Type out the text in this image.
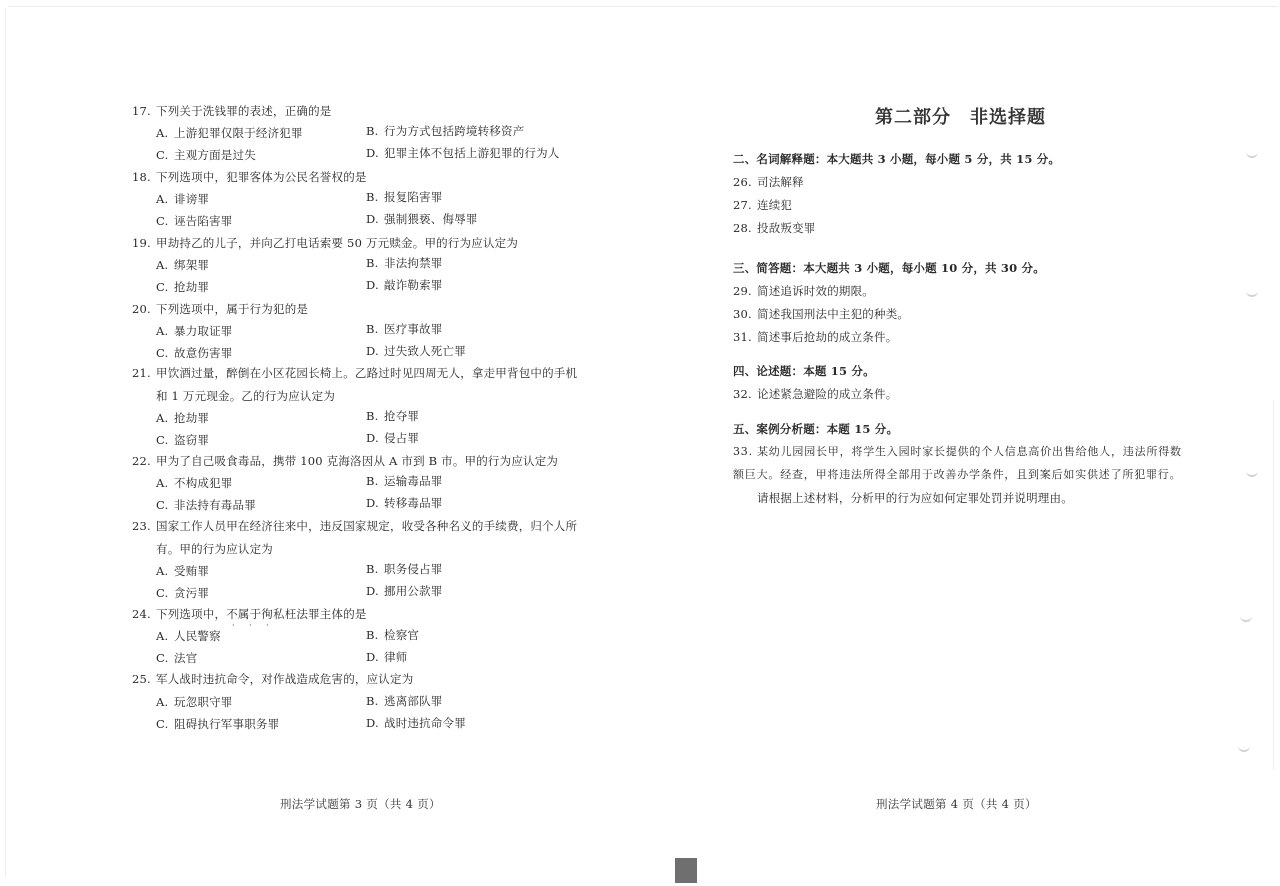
17. 下列关于洗钱罪的表述，正确的是
A. 上游犯罪仅限于经济犯罪	B. 行为方式包括跨境转移资产
C. 主观方面是过失	D. 犯罪主体不包括上游犯罪的行为人
18. 下列选项中，犯罪客体为公民名誉权的是
A. 诽谤罪	B. 报复陷害罪
C. 诬告陷害罪	D. 强制猥亵、侮辱罪
19. 甲劫持乙的儿子，并向乙打电话索要 50 万元赎金。甲的行为应认定为
A. 绑架罪	B. 非法拘禁罪
C. 抢劫罪	D. 敲诈勒索罪
20. 下列选项中，属于行为犯的是
A. 暴力取证罪	B. 医疗事故罪
C. 故意伤害罪	D. 过失致人死亡罪
21. 甲饮酒过量，醉倒在小区花园长椅上。乙路过时见四周无人，拿走甲背包中的手机
和 1 万元现金。乙的行为应认定为
A. 抢劫罪	B. 抢夺罪
C. 盗窃罪	D. 侵占罪
22. 甲为了自己吸食毒品，携带 100 克海洛因从 A 市到 B 市。甲的行为应认定为
A. 不构成犯罪	B. 运输毒品罪
C. 非法持有毒品罪	D. 转移毒品罪
23. 国家工作人员甲在经济往来中，违反国家规定，收受各种名义的手续费，归个人所
有。甲的行为应认定为
A. 受贿罪	B. 职务侵占罪
C. 贪污罪	D. 挪用公款罪
24. 下列选项中，不属于徇私枉法罪主体的是
· · ·
A. 人民警察	B. 检察官
C. 法官	D. 律师
25. 军人战时违抗命令，对作战造成危害的，应认定为
A. 玩忽职守罪	B. 逃离部队罪
C. 阻碍执行军事职务罪	D. 战时违抗命令罪
刑法学试题第 3 页（共 4 页）
第二部分　非选择题
二、名词解释题：本大题共 3 小题，每小题 5 分，共 15 分。
26. 司法解释
27. 连续犯
28. 投敌叛变罪
三、简答题：本大题共 3 小题，每小题 10 分，共 30 分。
29. 简述追诉时效的期限。
30. 简述我国刑法中主犯的种类。
31. 简述事后抢劫的成立条件。
四、论述题：本题 15 分。
32. 论述紧急避险的成立条件。
五、案例分析题：本题 15 分。
33. 某幼儿园园长甲，将学生入园时家长提供的个人信息高价出售给他人，违法所得数
额巨大。经查，甲将违法所得全部用于改善办学条件，且到案后如实供述了所犯罪行。
请根据上述材料，分析甲的行为应如何定罪处罚并说明理由。
刑法学试题第 4 页（共 4 页）
